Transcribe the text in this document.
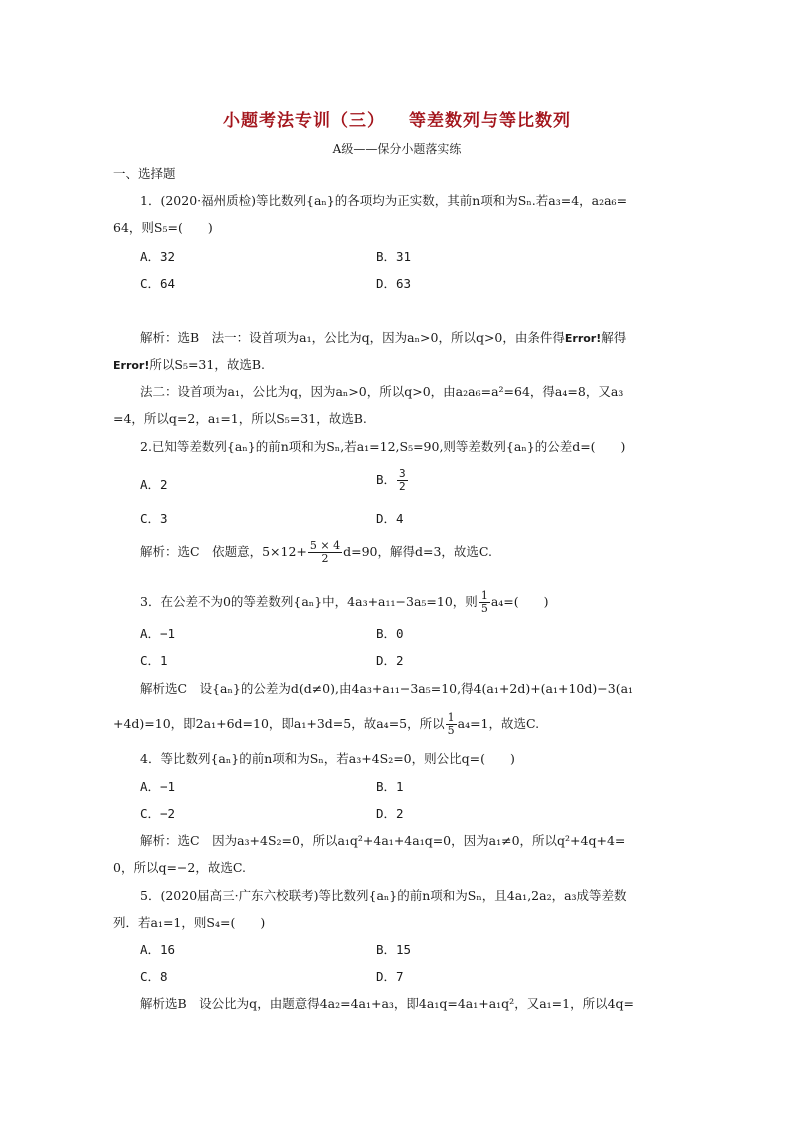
小题考法专训（三） 等差数列与等比数列
A级——保分小题落实练
一、选择题
1．(2020·福州质检)等比数列{aₙ}的各项均为正实数，其前n项和为Sₙ.若a₃=4，a₂a₆=
64，则S₅=(　　)
A．32	B．31
C．64	D．63
解析：选B　法一：设首项为a₁，公比为q，因为aₙ>0，所以q>0，由条件得Error!解得
Error!所以S₅=31，故选B.
法二：设首项为a₁，公比为q，因为aₙ>0，所以q>0，由a₂a₆=a²=64，得a₄=8，又a₃
=4，所以q=2，a₁=1，所以S₅=31，故选B.
2.已知等差数列{aₙ}的前n项和为Sₙ,若a₁=12,S₅=90,则等差数列{aₙ}的公差d=(　　)
A．2	B． $\frac{3}{2}$
C．3	D．4
解析：选C　依题意，$5\times 12+ \frac{5 \times 4}{2} d=90$，解得d=3，故选C.
3．在公差不为0的等差数列{aₙ}中，4a₃+a₁₁−3a₅=10，则 $\frac{1}{5} a_4=$(　　)
A．−1	B．0
C．1	D．2
解析选C　设{aₙ}的公差为d(d≠0),由4a₃+a₁₁−3a₅=10,得4(a₁+2d)+(a₁+10d)−3(a₁
+4d)=10，即2a₁+6d=10，即a₁+3d=5，故a₄=5，所以 $\frac{1}{5} a_4=1$，故选C.
4．等比数列{aₙ}的前n项和为Sₙ，若a₃+4S₂=0，则公比q=(　　)
A．−1	B．1
C．−2	D．2
解析：选C　因为a₃+4S₂=0，所以a₁q²+4a₁+4a₁q=0，因为a₁≠0，所以q²+4q+4=
0，所以q=−2，故选C.
5．(2020届高三·广东六校联考)等比数列{aₙ}的前n项和为Sₙ，且4a₁,2a₂，a₃成等差数
列．若a₁=1，则S₄=(　　)
A．16	B．15
C．8	D．7
解析选B　设公比为q，由题意得4a₂=4a₁+a₃，即4a₁q=4a₁+a₁q²，又a₁=1，所以4q=
